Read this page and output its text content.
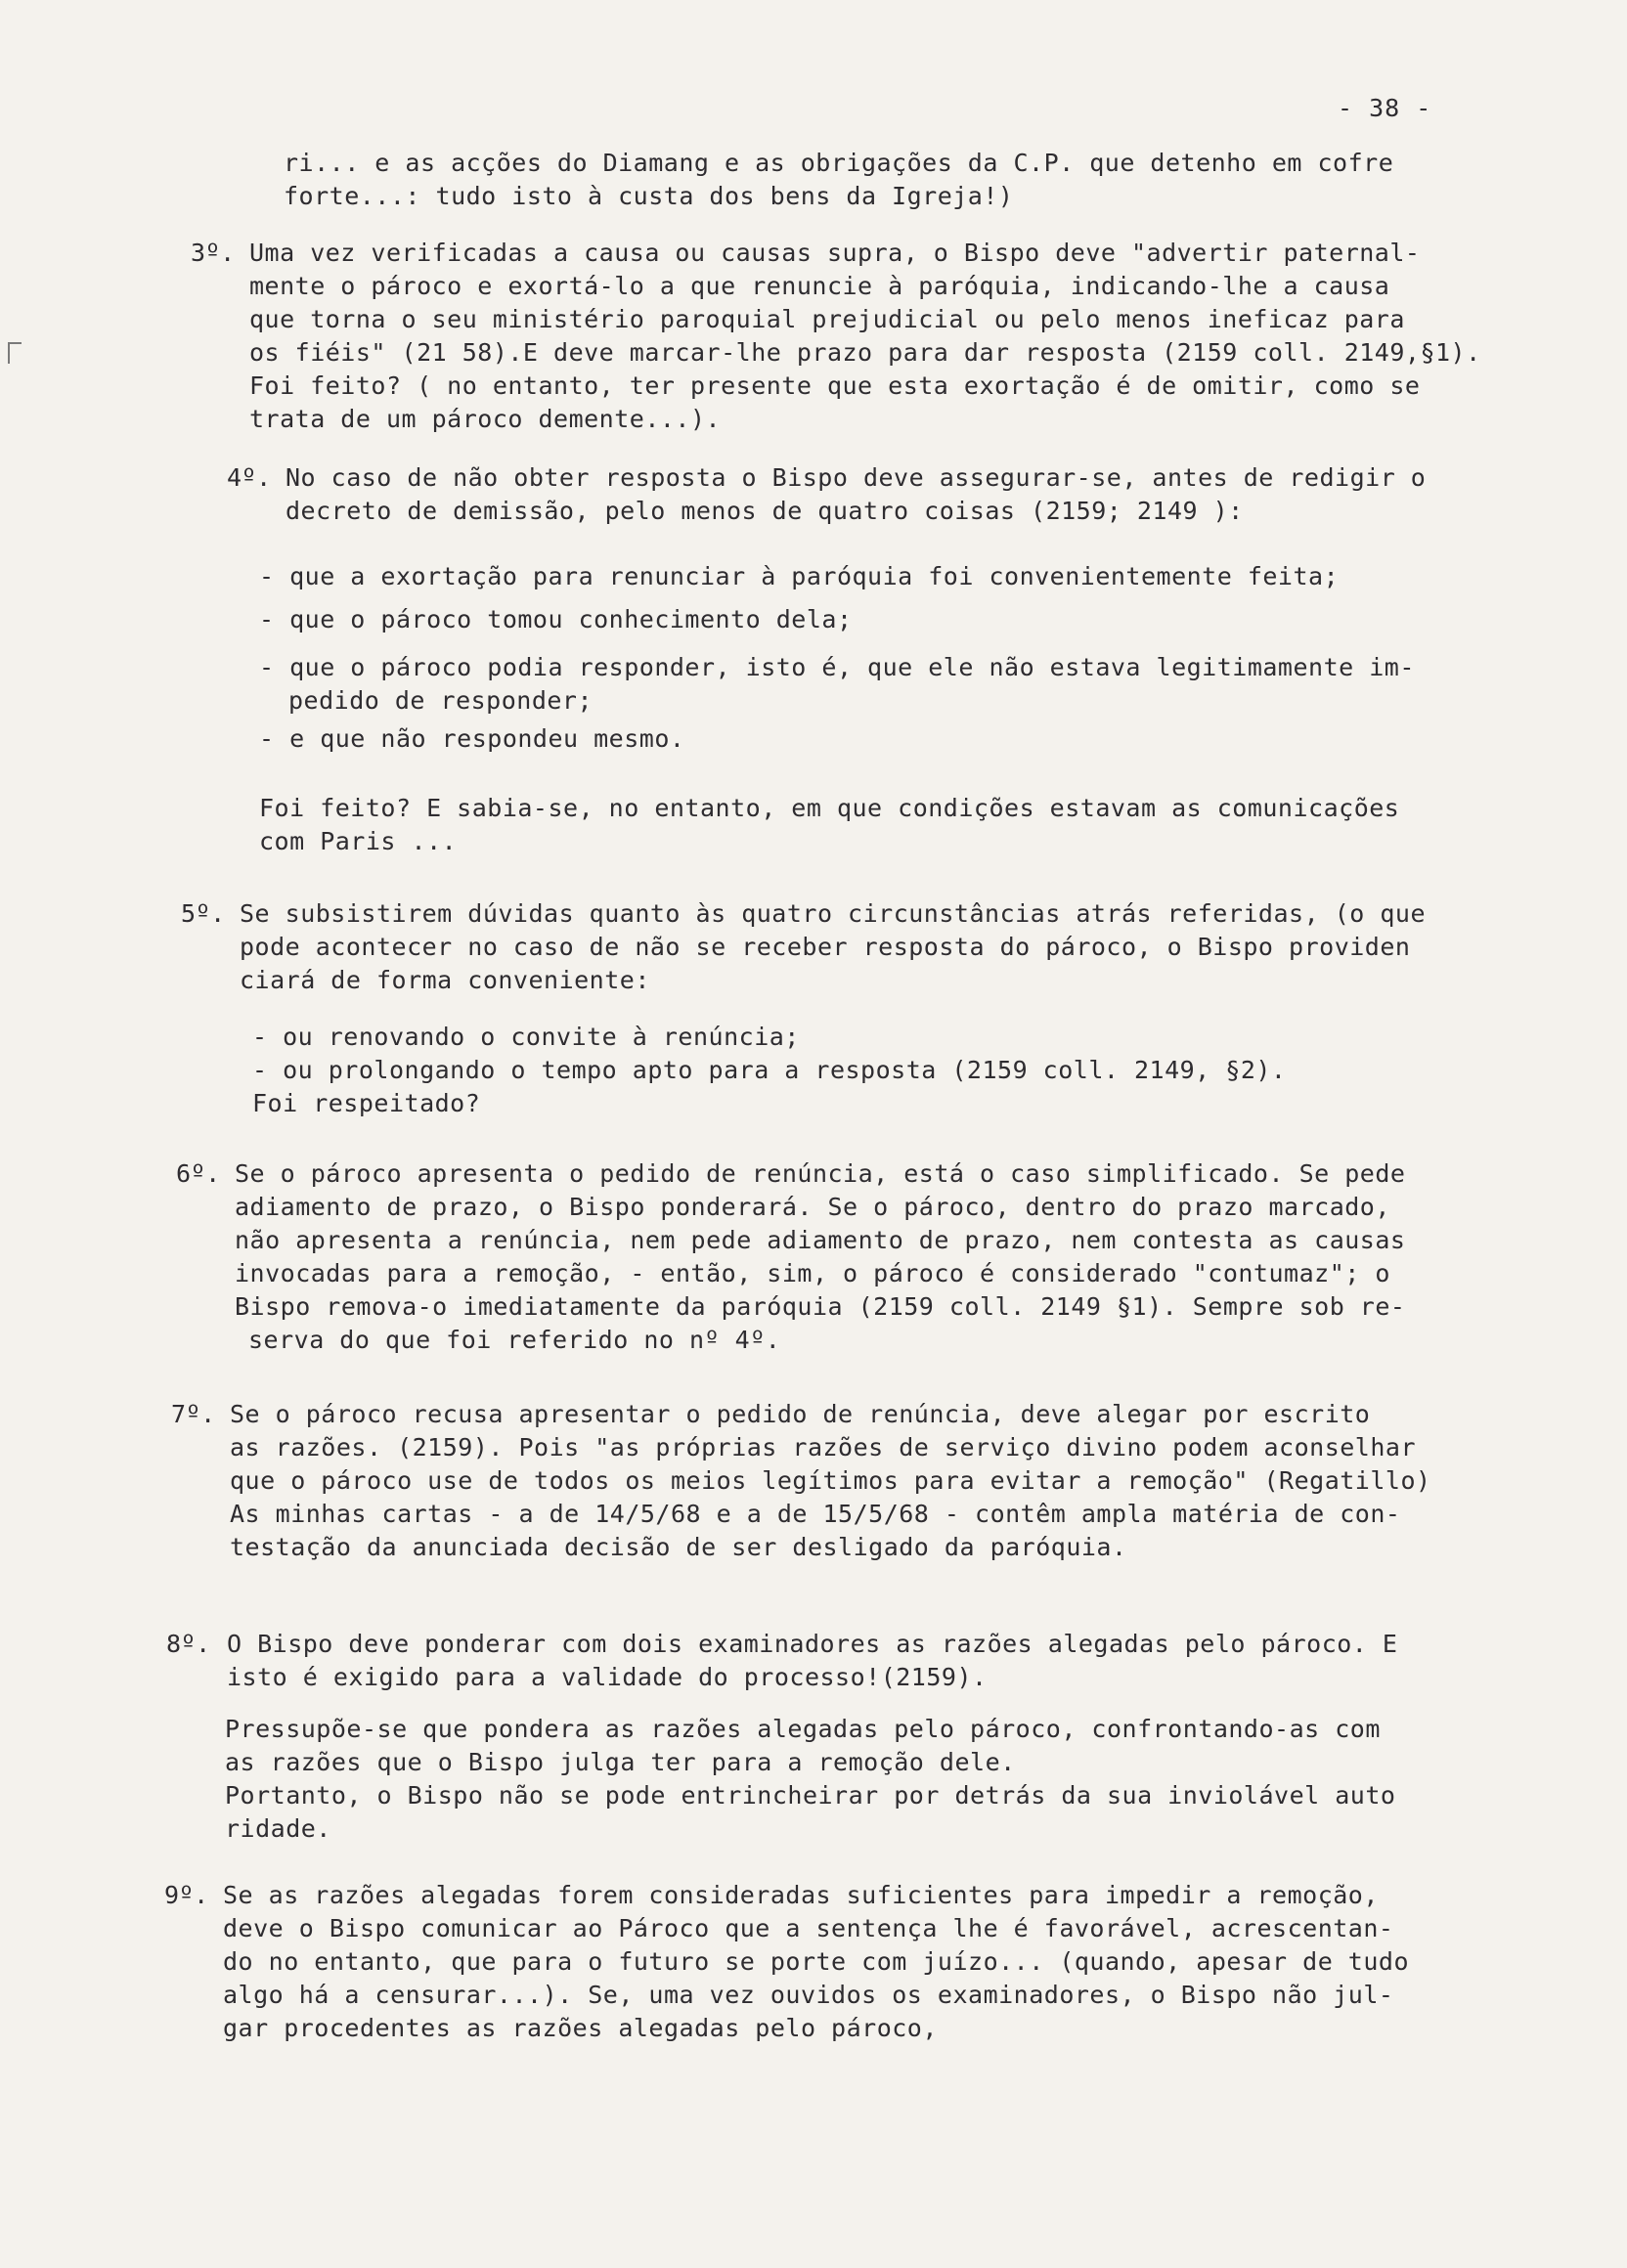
- 38 -
ri... e as acções do Diamang e as obrigações da C.P. que detenho em cofre
forte...: tudo isto à custa dos bens da Igreja!)
3º. Uma vez verificadas a causa ou causas supra, o Bispo deve "advertir paternal-
mente o pároco e exortá-lo a que renuncie à paróquia, indicando-lhe a causa
que torna o seu ministério paroquial prejudicial ou pelo menos ineficaz para
os fiéis" (21 58).E deve marcar-lhe prazo para dar resposta (2159 coll. 2149,§1).
Foi feito? ( no entanto, ter presente que esta exortação é de omitir, como se
trata de um pároco demente...).
4º. No caso de não obter resposta o Bispo deve assegurar-se, antes de redigir o
decreto de demissão, pelo menos de quatro coisas (2159; 2149 ):
- que a exortação para renunciar à paróquia foi convenientemente feita;
- que o pároco tomou conhecimento dela;
- que o pároco podia responder, isto é, que ele não estava legitimamente im-
pedido de responder;
- e que não respondeu mesmo.
Foi feito? E sabia-se, no entanto, em que condições estavam as comunicações
com Paris ...
5º. Se subsistirem dúvidas quanto às quatro circunstâncias atrás referidas, (o que
pode acontecer no caso de não se receber resposta do pároco, o Bispo providen
ciará de forma conveniente:
- ou renovando o convite à renúncia;
- ou prolongando o tempo apto para a resposta (2159 coll. 2149, §2).
Foi respeitado?
6º. Se o pároco apresenta o pedido de renúncia, está o caso simplificado. Se pede
adiamento de prazo, o Bispo ponderará. Se o pároco, dentro do prazo marcado,
não apresenta a renúncia, nem pede adiamento de prazo, nem contesta as causas
invocadas para a remoção, - então, sim, o pároco é considerado "contumaz"; o
Bispo remova-o imediatamente da paróquia (2159 coll. 2149 §1). Sempre sob re-
serva do que foi referido no nº 4º.
7º. Se o pároco recusa apresentar o pedido de renúncia, deve alegar por escrito
as razões. (2159). Pois "as próprias razões de serviço divino podem aconselhar
que o pároco use de todos os meios legítimos para evitar a remoção" (Regatillo)
As minhas cartas - a de 14/5/68 e a de 15/5/68 - contêm ampla matéria de con-
testação da anunciada decisão de ser desligado da paróquia.
8º. O Bispo deve ponderar com dois examinadores as razões alegadas pelo pároco. E
isto é exigido para a validade do processo!(2159).
Pressupõe-se que pondera as razões alegadas pelo pároco, confrontando-as com
as razões que o Bispo julga ter para a remoção dele.
Portanto, o Bispo não se pode entrincheirar por detrás da sua inviolável auto
ridade.
9º. Se as razões alegadas forem consideradas suficientes para impedir a remoção,
deve o Bispo comunicar ao Pároco que a sentença lhe é favorável, acrescentan-
do no entanto, que para o futuro se porte com juízo... (quando, apesar de tudo
algo há a censurar...). Se, uma vez ouvidos os examinadores, o Bispo não jul-
gar procedentes as razões alegadas pelo pároco,
